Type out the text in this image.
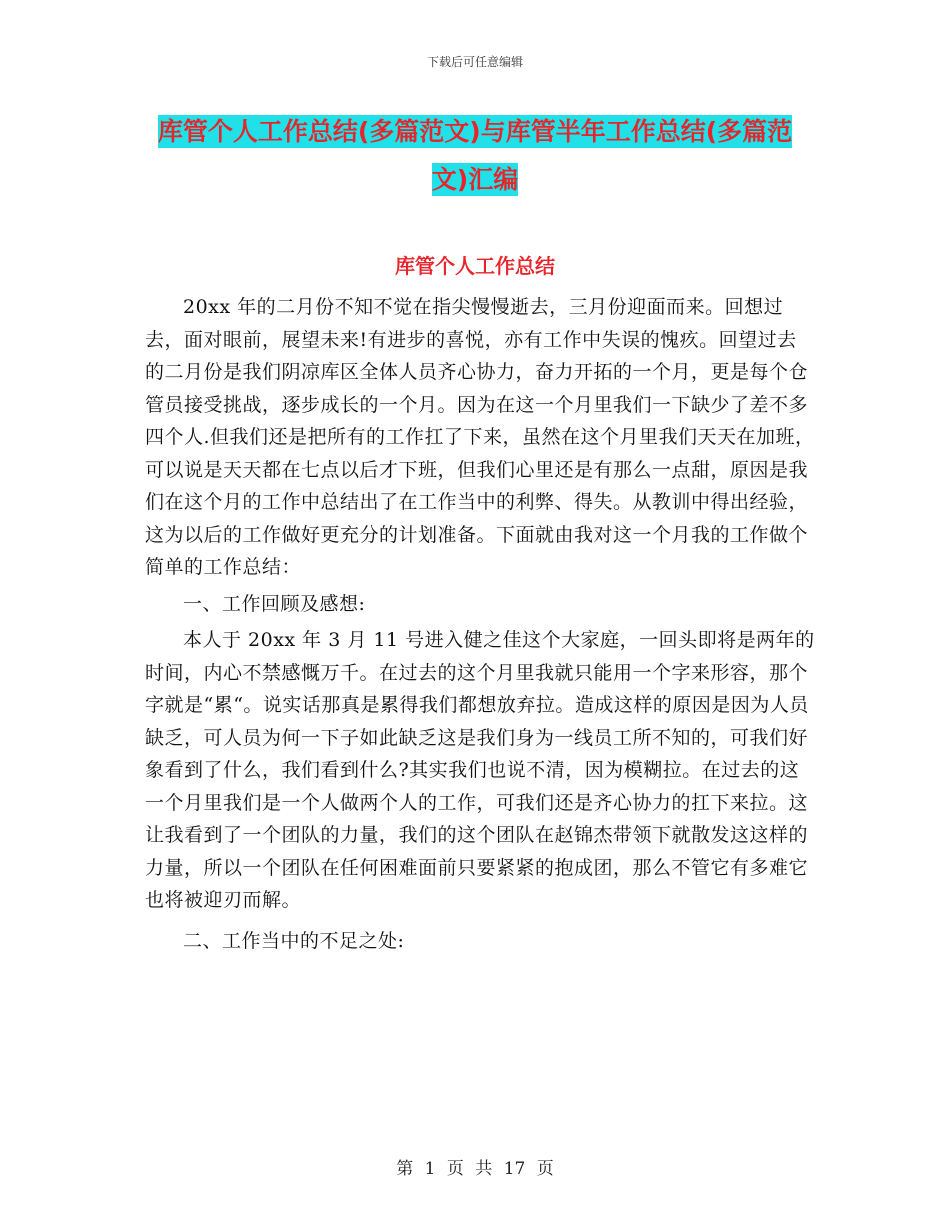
下载后可任意编辑
库管个人工作总结(多篇范文)与库管半年工作总结(多篇范文)汇编
库管个人工作总结

20xx 年的二月份不知不觉在指尖慢慢逝去，三月份迎面而来。回想过去，面对眼前，展望未来!有进步的喜悦，亦有工作中失误的愧疚。回望过去的二月份是我们阴凉库区全体人员齐心协力，奋力开拓的一个月，更是每个仓管员接受挑战，逐步成长的一个月。因为在这一个月里我们一下缺少了差不多四个人.但我们还是把所有的工作扛了下来，虽然在这个月里我们天天在加班，可以说是天天都在七点以后才下班，但我们心里还是有那么一点甜，原因是我们在这个月的工作中总结出了在工作当中的利弊、得失。从教训中得出经验，这为以后的工作做好更充分的计划准备。下面就由我对这一个月我的工作做个简单的工作总结：

一、工作回顾及感想:

本人于 20xx 年 3 月 11 号进入健之佳这个大家庭，一回头即将是两年的时间，内心不禁感慨万千。在过去的这个月里我就只能用一个字来形容，那个字就是“累“。说实话那真是累得我们都想放弃拉。造成这样的原因是因为人员缺乏，可人员为何一下子如此缺乏这是我们身为一线员工所不知的，可我们好象看到了什么，我们看到什么?其实我们也说不清，因为模糊拉。在过去的这一个月里我们是一个人做两个人的工作，可我们还是齐心协力的扛下来拉。这让我看到了一个团队的力量，我们的这个团队在赵锦杰带领下就散发这这样的力量，所以一个团队在任何困难面前只要紧紧的抱成团，那么不管它有多难它也将被迎刃而解。

二、工作当中的不足之处:

第 1 页 共 17 页
